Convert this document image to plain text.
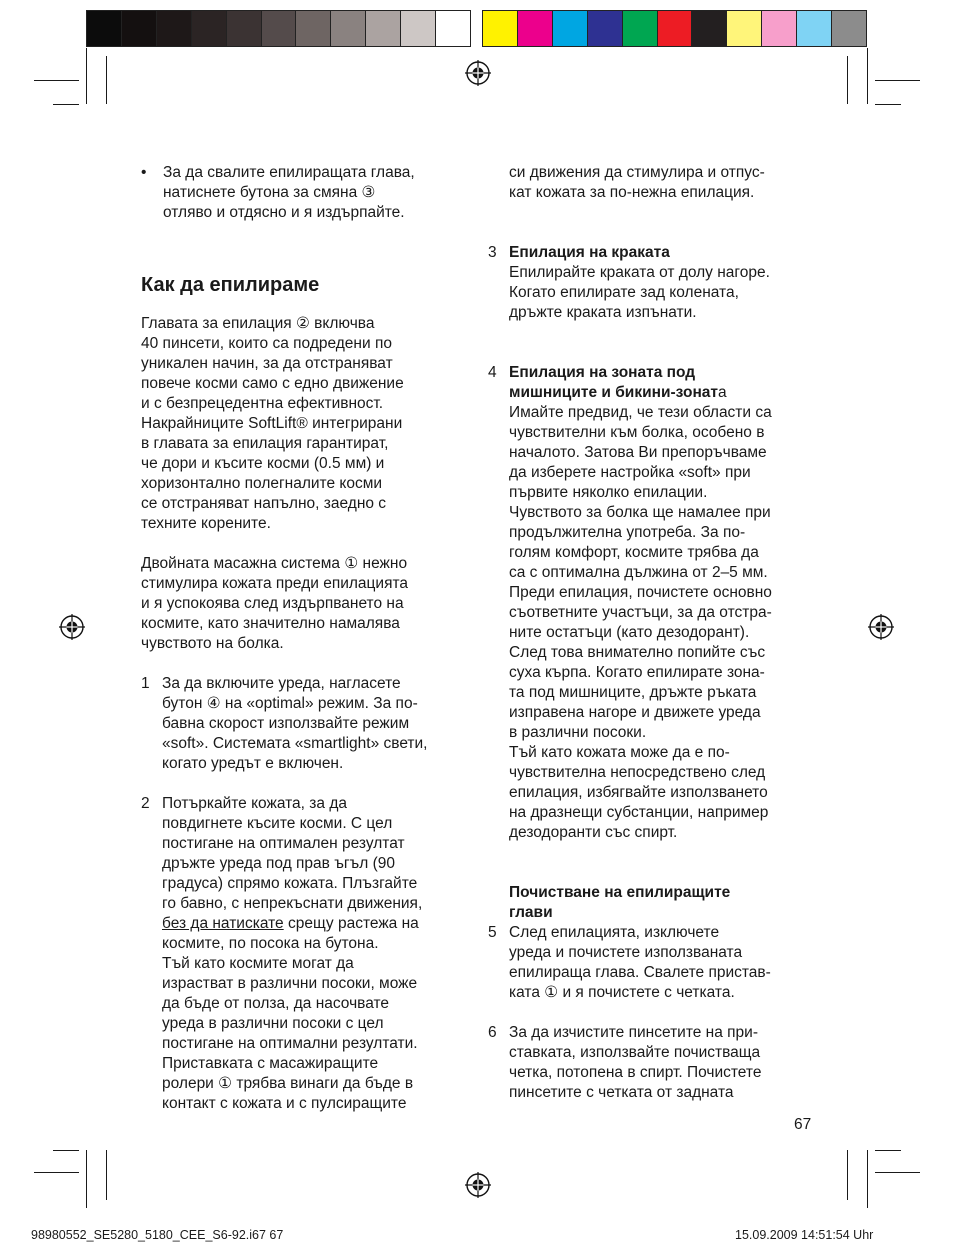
• За да свалите епилиращата глава,
натиснете бутона за смяна ③
отляво и отдясно и я издърпайте.

Как да епилираме

Главата за епилация ② включва
40 пинсети, които са подредени по
уникален начин, за да отстраняват
повече косми само с едно движение
и с безпрецедентна ефективност.
Накрайниците SoftLift® интегрирани
в главата за епилация гарантират,
че дори и късите косми (0.5 мм) и
хоризонтално полегналите косми
се отстраняват напълно, заедно с
техните корените.

Двойната масажна система ① нежно
стимулира кожата преди епилацията
и я успокоява след издърпването на
космите, като значително намалява
чувството на болка.

1 За да включите уреда, нагласете
бутон ④ на «optimal» режим. За по-
бавна скорост използвайте режим
«soft». Системата «smartlight» свети,
когато уредът е включен.

2 Потъркайте кожата, за да
повдигнете късите косми. С цел
постигане на оптимален резултат
дръжте уреда под прав ъгъл (90
градуса) спрямо кожата. Плъзгайте
го бавно, с непрекъснати движения,
без да натискате срещу растежа на
космите, по посока на бутона.
Тъй като космите могат да
израстват в различни посоки, може
да бъде от полза, да насочвате
уреда в различни посоки с цел
постигане на оптимални резултати.
Приставката с масажиращите
ролери ① трябва винаги да бъде в
контакт с кожата и с пулсиращите

си движения да стимулира и отпус-
кат кожата за по-нежна епилация.

3 Епилация на краката

Епилирайте краката от долу нагоре.
Когато епилирате зад колената,
дръжте краката изпънати.

4 Епилация на зоната под
мишниците и бикини-зоната

Имайте предвид, че тези области са
чувствителни към болка, особено в
началото. Затова Ви препоръчваме
да изберете настройка «soft» при
първите няколко епилации.
Чувството за болка ще намалее при
продължителна употреба. За по-
голям комфорт, космите трябва да
са с оптимална дължина от 2–5 мм.
Преди епилация, почистете основно
съответните участъци, за да отстра-
ните остатъци (като дезодорант).
След това внимателно попийте със
суха кърпа. Когато епилирате зона-
та под мишниците, дръжте ръката
изправена нагоре и движете уреда
в различни посоки.
Тъй като кожата може да е по-
чувствителна непосредствено след
епилация, избягвайте използването
на дразнещи субстанции, например
дезодоранти със спирт.

Почистване на епилиращите
глави
5 След епилацията, изключете
уреда и почистете използваната
епилираща глава. Свалете пристав-
ката ① и я почистете с четката.

6 За да изчистите пинсетите на при-
ставката, използвайте почистваща
четка, потопена в спирт. Почистете
пинсетите с четката от задната

67
98980552_SE5280_5180_CEE_S6-92.i67 67	15.09.2009 14:51:54 Uhr
